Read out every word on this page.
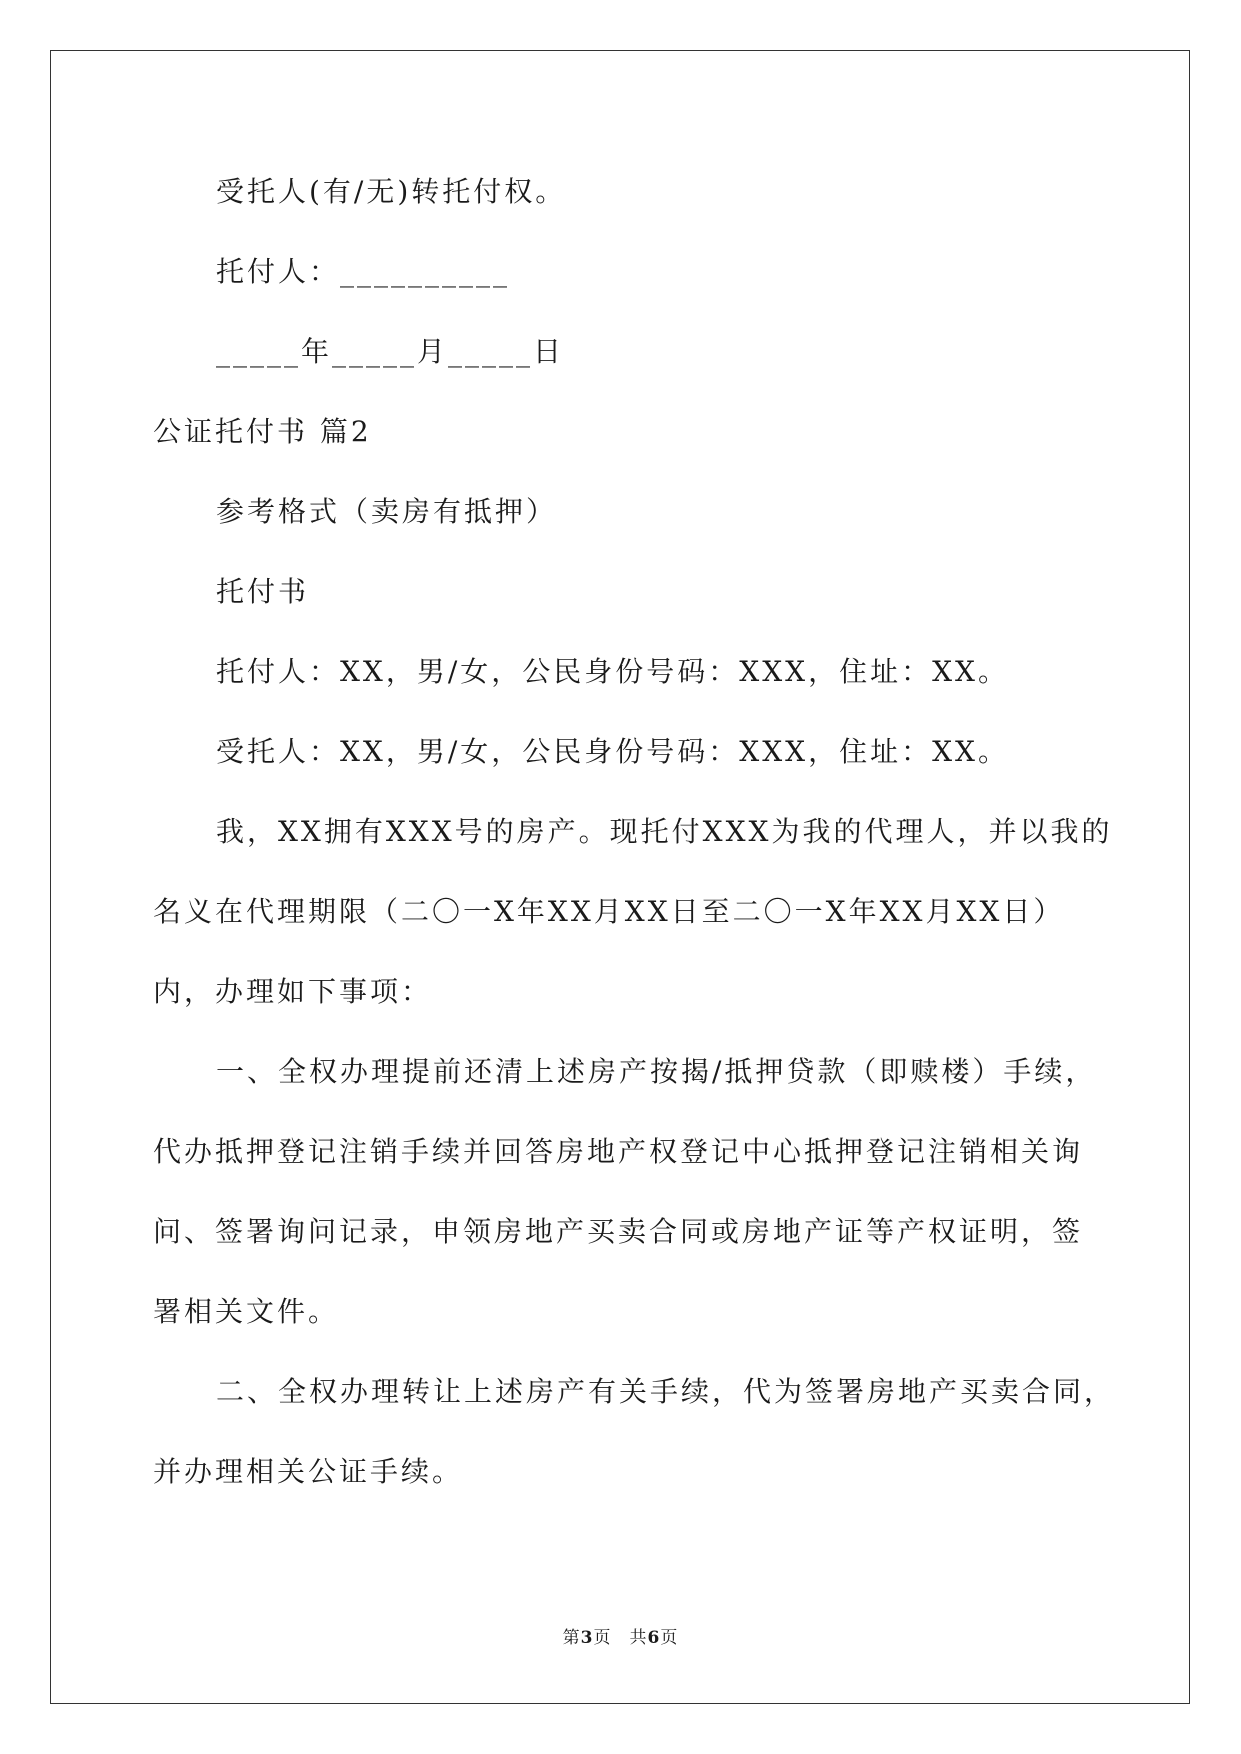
受托人(有/无)转托付权。

托付人：__________

_____年_____月_____日

公证托付书 篇2

参考格式（卖房有抵押）

托付书

托付人：XX，男/女，公民身份号码：XXX，住址：XX。

受托人：XX，男/女，公民身份号码：XXX，住址：XX。

我，XX拥有XXX号的房产。现托付XXX为我的代理人，并以我的

名义在代理期限（二〇一X年XX月XX日至二〇一X年XX月XX日）

内，办理如下事项：

一、全权办理提前还清上述房产按揭/抵押贷款（即赎楼）手续，

代办抵押登记注销手续并回答房地产权登记中心抵押登记注销相关询

问、签署询问记录，申领房地产买卖合同或房地产证等产权证明，签

署相关文件。

二、全权办理转让上述房产有关手续，代为签署房地产买卖合同，

并办理相关公证手续。

第3页　共6页
